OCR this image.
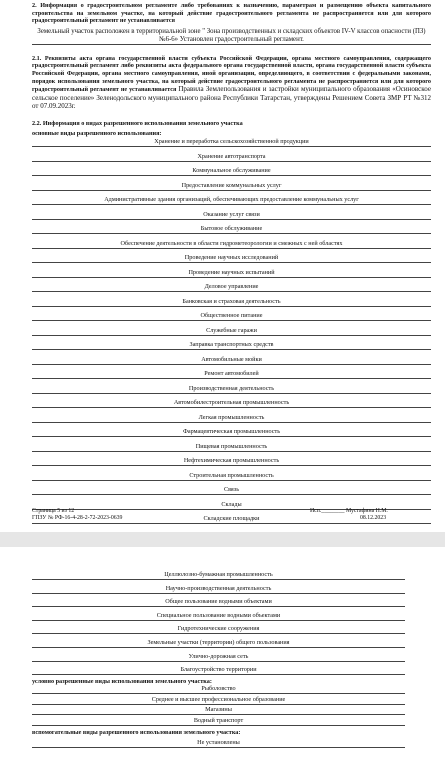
2. Информация о градостроительном регламенте либо требованиях к назначению, параметрам и размещению объекта капитального строительства на земельном участке, на который действие градостроительного регламента не распространяется или для которого градостроительный регламент не устанавливается
Земельный участок расположен в территориальной зоне " Зона производственных и складских объектов IV-V классов опасности (ПЗ) №6-6» Установлен градостроительный регламент.
2.1. Реквизиты акта органа государственной власти субъекта Российской Федерации, органа местного самоуправления, содержащего градостроительный регламент либо реквизиты акта федерального органа государственной власти, органа государственной власти субъекта Российской Федерации, органа местного самоуправления, иной организации, определяющего, в соответствии с федеральными законами, порядок использования земельного участка, на который действие градостроительного регламента не распространяется или для которого градостроительный регламент не устанавливается Правила Землепользования и застройки муниципального образования «Осиновское сельское поселение» Зеленодольского муниципального района Республики Татарстан, утверждены Решением Совета ЗМР РТ №312 от 07.09.2023г.
2.2. Информация о видах разрешенного использования земельного участка
основные виды разрешенного использования:
Хранение и переработка сельскохозяйственной продукции
Хранение автотранспорта
Коммунальное обслуживание
Предоставление коммунальных услуг
Административные здания организаций, обеспечивающих предоставление коммунальных услуг
Оказание услуг связи
Бытовое обслуживание
Обеспечение деятельности в области гидрометеорологии и смежных с ней областях
Проведение научных исследований
Проведение научных испытаний
Деловое управление
Банковская и страховая деятельность
Общественное питание
Служебные гаражи
Заправка транспортных средств
Автомобильные мойки
Ремонт автомобилей
Производственная деятельность
Автомобилестроительная промышленность
Легкая промышленность
Фармацевтическая промышленность
Пищевая промышленность
Нефтехимическая промышленность
Строительная промышленность
Связь
Склады
Складские площадки
Страница 5 из 12
ГПЗУ № РФ-16-4-28-2-72-2023-0639
Исп.________ Мустафина Н.М.
08.12.2023
Целлюлозно-бумажная промышленность
Научно-производственная деятельность
Общее пользование водными объектами
Специальное пользование водными объектами
Гидротехнические сооружения
Земельные участки (территории) общего пользования
Улично-дорожная сеть
Благоустройство территории
условно разрешенные виды использования земельного участка:
Рыболовство
Среднее и высшее профессиональное образование
Магазины
Водный транспорт
вспомогательные виды разрешенного использования земельного участка:
Не установлены
